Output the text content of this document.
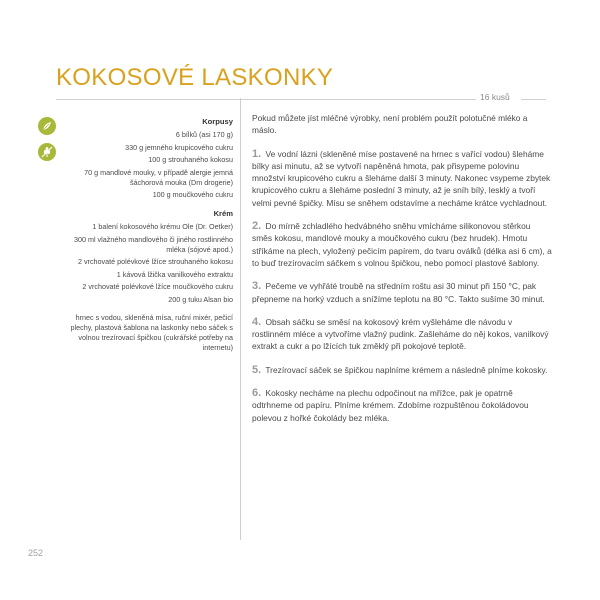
KOKOSOVÉ LASKONKY
16 kusů
Korpusy
6 bílků (asi 170 g)
330 g jemného krupicového cukru
100 g strouhaného kokosu
70 g mandlové mouky, v případě alergie jemná šáchorová mouka (Dm drogerie)
100 g moučkového cukru
Krém
1 balení kokosového krému Ole (Dr. Oetker)
300 ml vlažného mandlového či jiného rostlinného mléka (sójové apod.)
2 vrchovaté polévkové lžíce strouhaného kokosu
1 kávová lžička vanilkového extraktu
2 vrchovaté polévkové lžíce moučkového cukru
200 g tuku Alsan bio
hrnec s vodou, skleněná mísa, ruční mixér, pečicí plechy, plastová šablona na laskonky nebo sáček s volnou trezírovací špičkou (cukrářské potřeby na internetu)

Pokud můžete jíst mléčné výrobky, není problém použít polotučné mléko a máslo.

1. Ve vodní lázni (skleněné míse postavené na hrnec s vařící vodou) šleháme bílky asi minutu, až se vytvoří napěněná hmota, pak přisypeme polovinu množství krupicového cukru a šleháme další 3 minuty. Nakonec vsypeme zbytek krupicového cukru a šleháme poslední 3 minuty, až je sníh bílý, lesklý a tvoří velmi pevné špičky. Mísu se sněhem odstavíme a necháme krátce vychladnout.

2. Do mírně zchladlého hedvábného sněhu vmícháme silikonovou stěrkou směs kokosu, mandlové mouky a moučkového cukru (bez hrudek). Hmotu stříkáme na plech, vyložený pečicím papírem, do tvaru oválků (délka asi 6 cm), a to buď trezírovacím sáčkem s volnou špičkou, nebo pomocí plastové šablony.

3. Pečeme ve vyhřáté troubě na středním roštu asi 30 minut při 150 °C, pak přepneme na horký vzduch a snížíme teplotu na 80 °C. Takto sušíme 30 minut.

4. Obsah sáčku se směsí na kokosový krém vyšleháme dle návodu v rostlinném mléce a vytvoříme vlažný pudink. Zašleháme do něj kokos, vanilkový extrakt a cukr a po lžících tuk změklý při pokojové teplotě.

5. Trezírovací sáček se špičkou naplníme krémem a následně plníme kokosky.

6. Kokosky necháme na plechu odpočinout na mřížce, pak je opatrně odtrhneme od papíru. Plníme krémem. Zdobíme rozpuštěnou čokoládovou polevou z hořké čokolády bez mléka.

252
